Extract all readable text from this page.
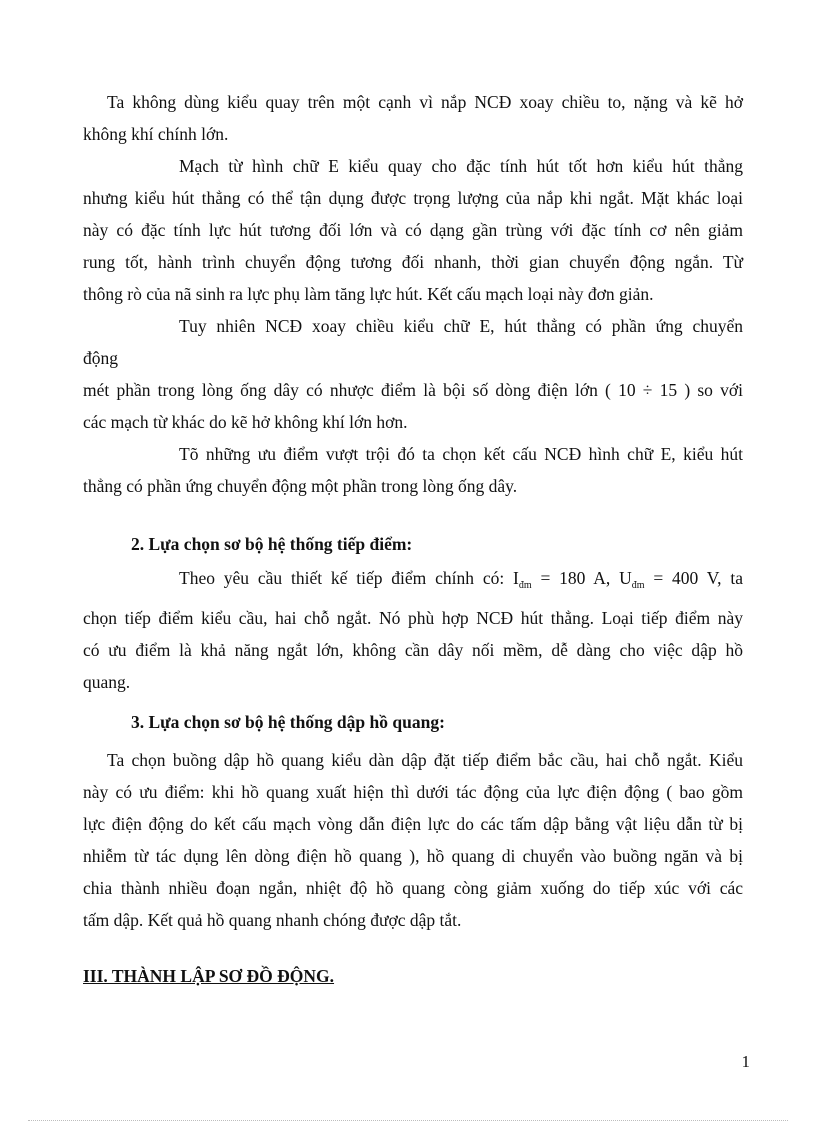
Ta không dùng kiểu quay trên một cạnh vì nắp NCĐ xoay chiều to, nặng và kẽ hở
không khí chính lớn.
Mạch từ hình chữ E kiểu quay cho đặc tính hút tốt hơn kiểu hút thẳng
nhưng kiểu hút thẳng có thể tận dụng được trọng lượng của nắp khi ngắt. Mặt khác loại
này có đặc tính lực hút tương đối lớn và có dạng gần trùng với đặc tính cơ nên giảm
rung tốt, hành trình chuyển động tương đối nhanh, thời gian chuyển động ngắn. Từ
thông rò của nã sinh ra lực phụ làm tăng lực hút. Kết cấu mạch loại này đơn giản.
Tuy nhiên NCĐ xoay chiều kiểu chữ E, hút thẳng có phần ứng chuyển
động
mét phần trong lòng ống dây có nhược điểm là bội số dòng điện lớn ( 10 ÷ 15 ) so với
các mạch từ khác do kẽ hở không khí lớn hơn.
Tõ những ưu điểm vượt trội đó ta chọn kết cấu NCĐ hình chữ E, kiểu hút
thẳng có phần ứng chuyển động một phần trong lòng ống dây.

2. Lựa chọn sơ bộ hệ thống tiếp điểm:

Theo yêu cầu thiết kế tiếp điểm chính có: $I_{đm} = 180$ A, $U_{đm} = 400$ V, ta
chọn tiếp điểm kiểu cầu, hai chỗ ngắt. Nó phù hợp NCĐ hút thẳng. Loại tiếp điểm này
có ưu điểm là khả năng ngắt lớn, không cần dây nối mềm, dễ dàng cho việc dập hồ
quang.

3. Lựa chọn sơ bộ hệ thống dập hồ quang:

Ta chọn buồng dập hồ quang kiểu dàn dập đặt tiếp điểm bắc cầu, hai chỗ ngắt. Kiểu
này có ưu điểm: khi hồ quang xuất hiện thì dưới tác động của lực điện động ( bao gồm
lực điện động do kết cấu mạch vòng dẫn điện lực do các tấm dập bằng vật liệu dẫn từ bị
nhiễm từ tác dụng lên dòng điện hồ quang ), hồ quang di chuyển vào buồng ngăn và bị
chia thành nhiều đoạn ngắn, nhiệt độ hồ quang còng giảm xuống do tiếp xúc với các
tấm dập. Kết quả hồ quang nhanh chóng được dập tắt.

III. THÀNH LẬP SƠ ĐỒ ĐỘNG.

1
